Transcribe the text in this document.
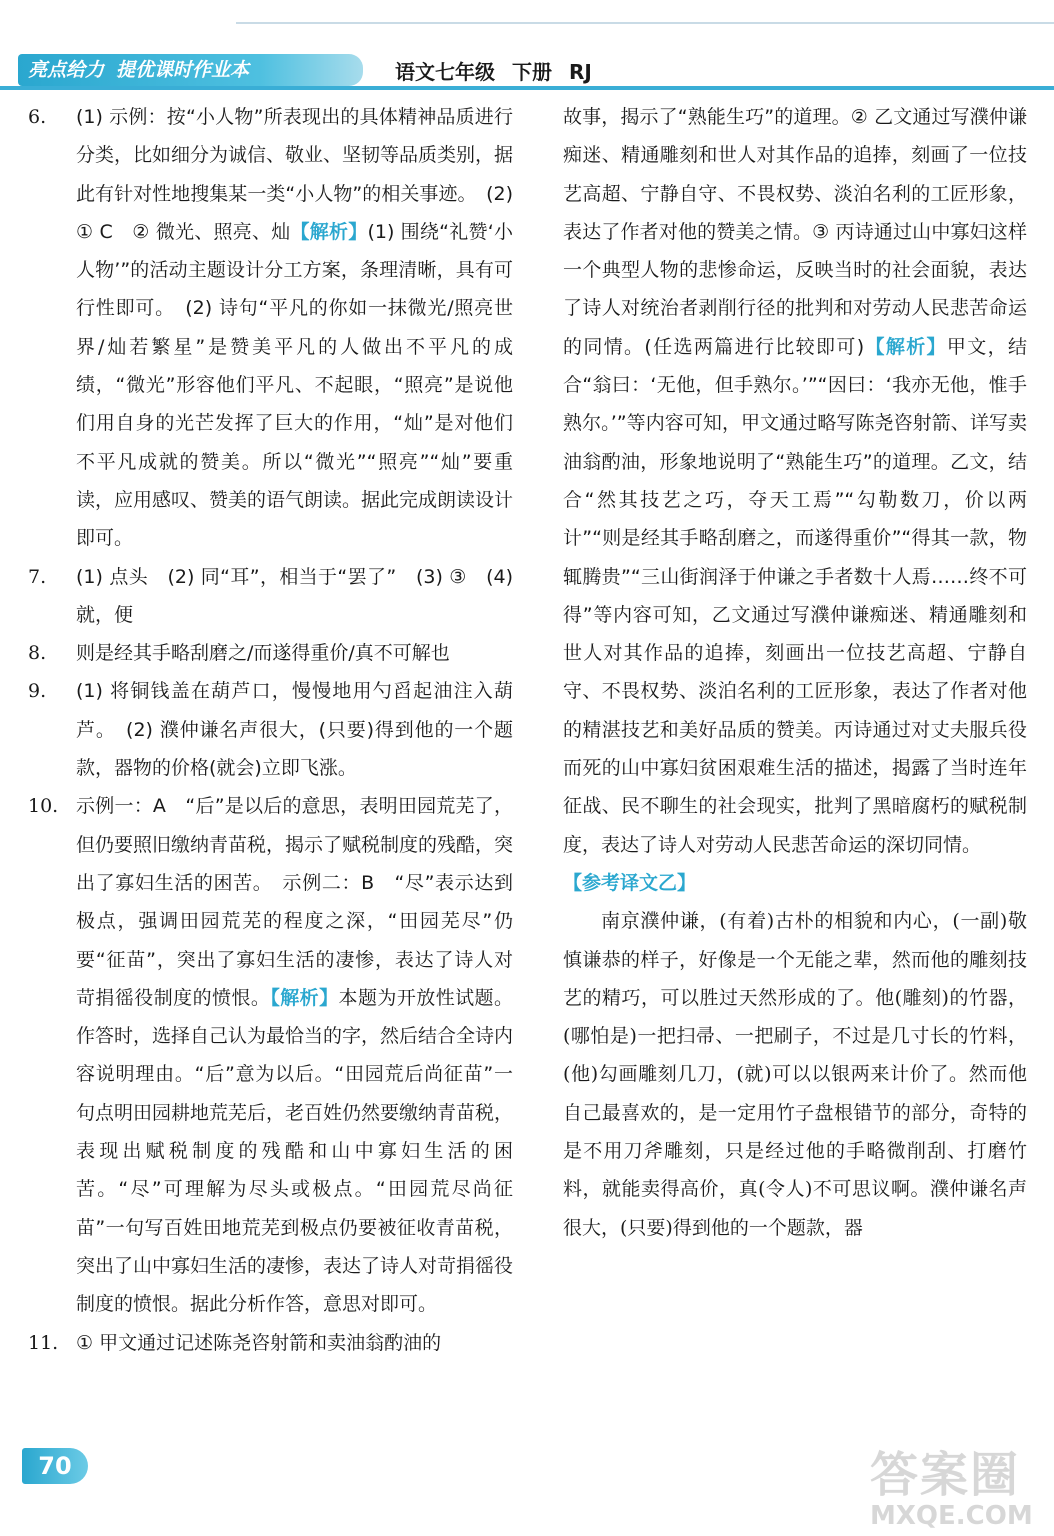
亮点给力 提优课时作业本	语文七年级 下册 RJ
6. (1) 示例：按“小人物”所表现出的具体精神品质进行分类，比如细分为诚信、敬业、坚韧等品质类别，据此有针对性地搜集某一类“小人物”的相关事迹。　(2) ① C　② 微光、照亮、灿【解析】(1) 围绕“礼赞‘小人物’”的活动主题设计分工方案，条理清晰，具有可行性即可。　(2) 诗句“平凡的你如一抹微光/照亮世界/灿若繁星”是赞美平凡的人做出不平凡的成绩，“微光”形容他们平凡、不起眼，“照亮”是说他们用自身的光芒发挥了巨大的作用，“灿”是对他们不平凡成就的赞美。所以“微光”“照亮”“灿”要重读，应用感叹、赞美的语气朗读。据此完成朗读设计即可。
7. (1) 点头　(2) 同“耳”，相当于“罢了”　(3) ③　(4) 就，便
8. 则是经其手略刮磨之/而遂得重价/真不可解也
9. (1) 将铜钱盖在葫芦口，慢慢地用勺舀起油注入葫芦。　(2) 濮仲谦名声很大，(只要)得到他的一个题款，器物的价格(就会)立即飞涨。
10. 示例一：A　“后”是以后的意思，表明田园荒芜了，但仍要照旧缴纳青苗税，揭示了赋税制度的残酷，突出了寡妇生活的困苦。　示例二：B　“尽”表示达到极点，强调田园荒芜的程度之深，“田园芜尽”仍要“征苗”，突出了寡妇生活的凄惨，表达了诗人对苛捐徭役制度的愤恨。【解析】本题为开放性试题。作答时，选择自己认为最恰当的字，然后结合全诗内容说明理由。“后”意为以后。“田园荒后尚征苗”一句点明田园耕地荒芜后，老百姓仍然要缴纳青苗税，表现出赋税制度的残酷和山中寡妇生活的困苦。“尽”可理解为尽头或极点。“田园荒尽尚征苗”一句写百姓田地荒芜到极点仍要被征收青苗税，突出了山中寡妇生活的凄惨，表达了诗人对苛捐徭役制度的愤恨。据此分析作答，意思对即可。
11. ① 甲文通过记述陈尧咨射箭和卖油翁酌油的
故事，揭示了“熟能生巧”的道理。② 乙文通过写濮仲谦痴迷、精通雕刻和世人对其作品的追捧，刻画了一位技艺高超、宁静自守、不畏权势、淡泊名利的工匠形象，表达了作者对他的赞美之情。③ 丙诗通过山中寡妇这样一个典型人物的悲惨命运，反映当时的社会面貌，表达了诗人对统治者剥削行径的批判和对劳动人民悲苦命运的同情。(任选两篇进行比较即可)【解析】甲文，结合“翁曰：‘无他，但手熟尔。’”“因曰：‘我亦无他，惟手熟尔。’”等内容可知，甲文通过略写陈尧咨射箭、详写卖油翁酌油，形象地说明了“熟能生巧”的道理。乙文，结合“然其技艺之巧，夺天工焉”“勾勒数刀，价以两计”“则是经其手略刮磨之，而遂得重价”“得其一款，物辄腾贵”“三山街润泽于仲谦之手者数十人焉……终不可得”等内容可知，乙文通过写濮仲谦痴迷、精通雕刻和世人对其作品的追捧，刻画出一位技艺高超、宁静自守、不畏权势、淡泊名利的工匠形象，表达了作者对他的精湛技艺和美好品质的赞美。丙诗通过对丈夫服兵役而死的山中寡妇贫困艰难生活的描述，揭露了当时连年征战、民不聊生的社会现实，批判了黑暗腐朽的赋税制度，表达了诗人对劳动人民悲苦命运的深切同情。
【参考译文乙】
南京濮仲谦，(有着)古朴的相貌和内心，(一副)敬慎谦恭的样子，好像是一个无能之辈，然而他的雕刻技艺的精巧，可以胜过天然形成的了。他(雕刻)的竹器，(哪怕是)一把扫帚、一把刷子，不过是几寸长的竹料，(他)勾画雕刻几刀，(就)可以以银两来计价了。然而他自己最喜欢的，是一定用竹子盘根错节的部分，奇特的是不用刀斧雕刻，只是经过他的手略微削刮、打磨竹料，就能卖得高价，真(令人)不可思议啊。濮仲谦名声很大，(只要)得到他的一个题款，器
70	答案圈
MXQE.COM
